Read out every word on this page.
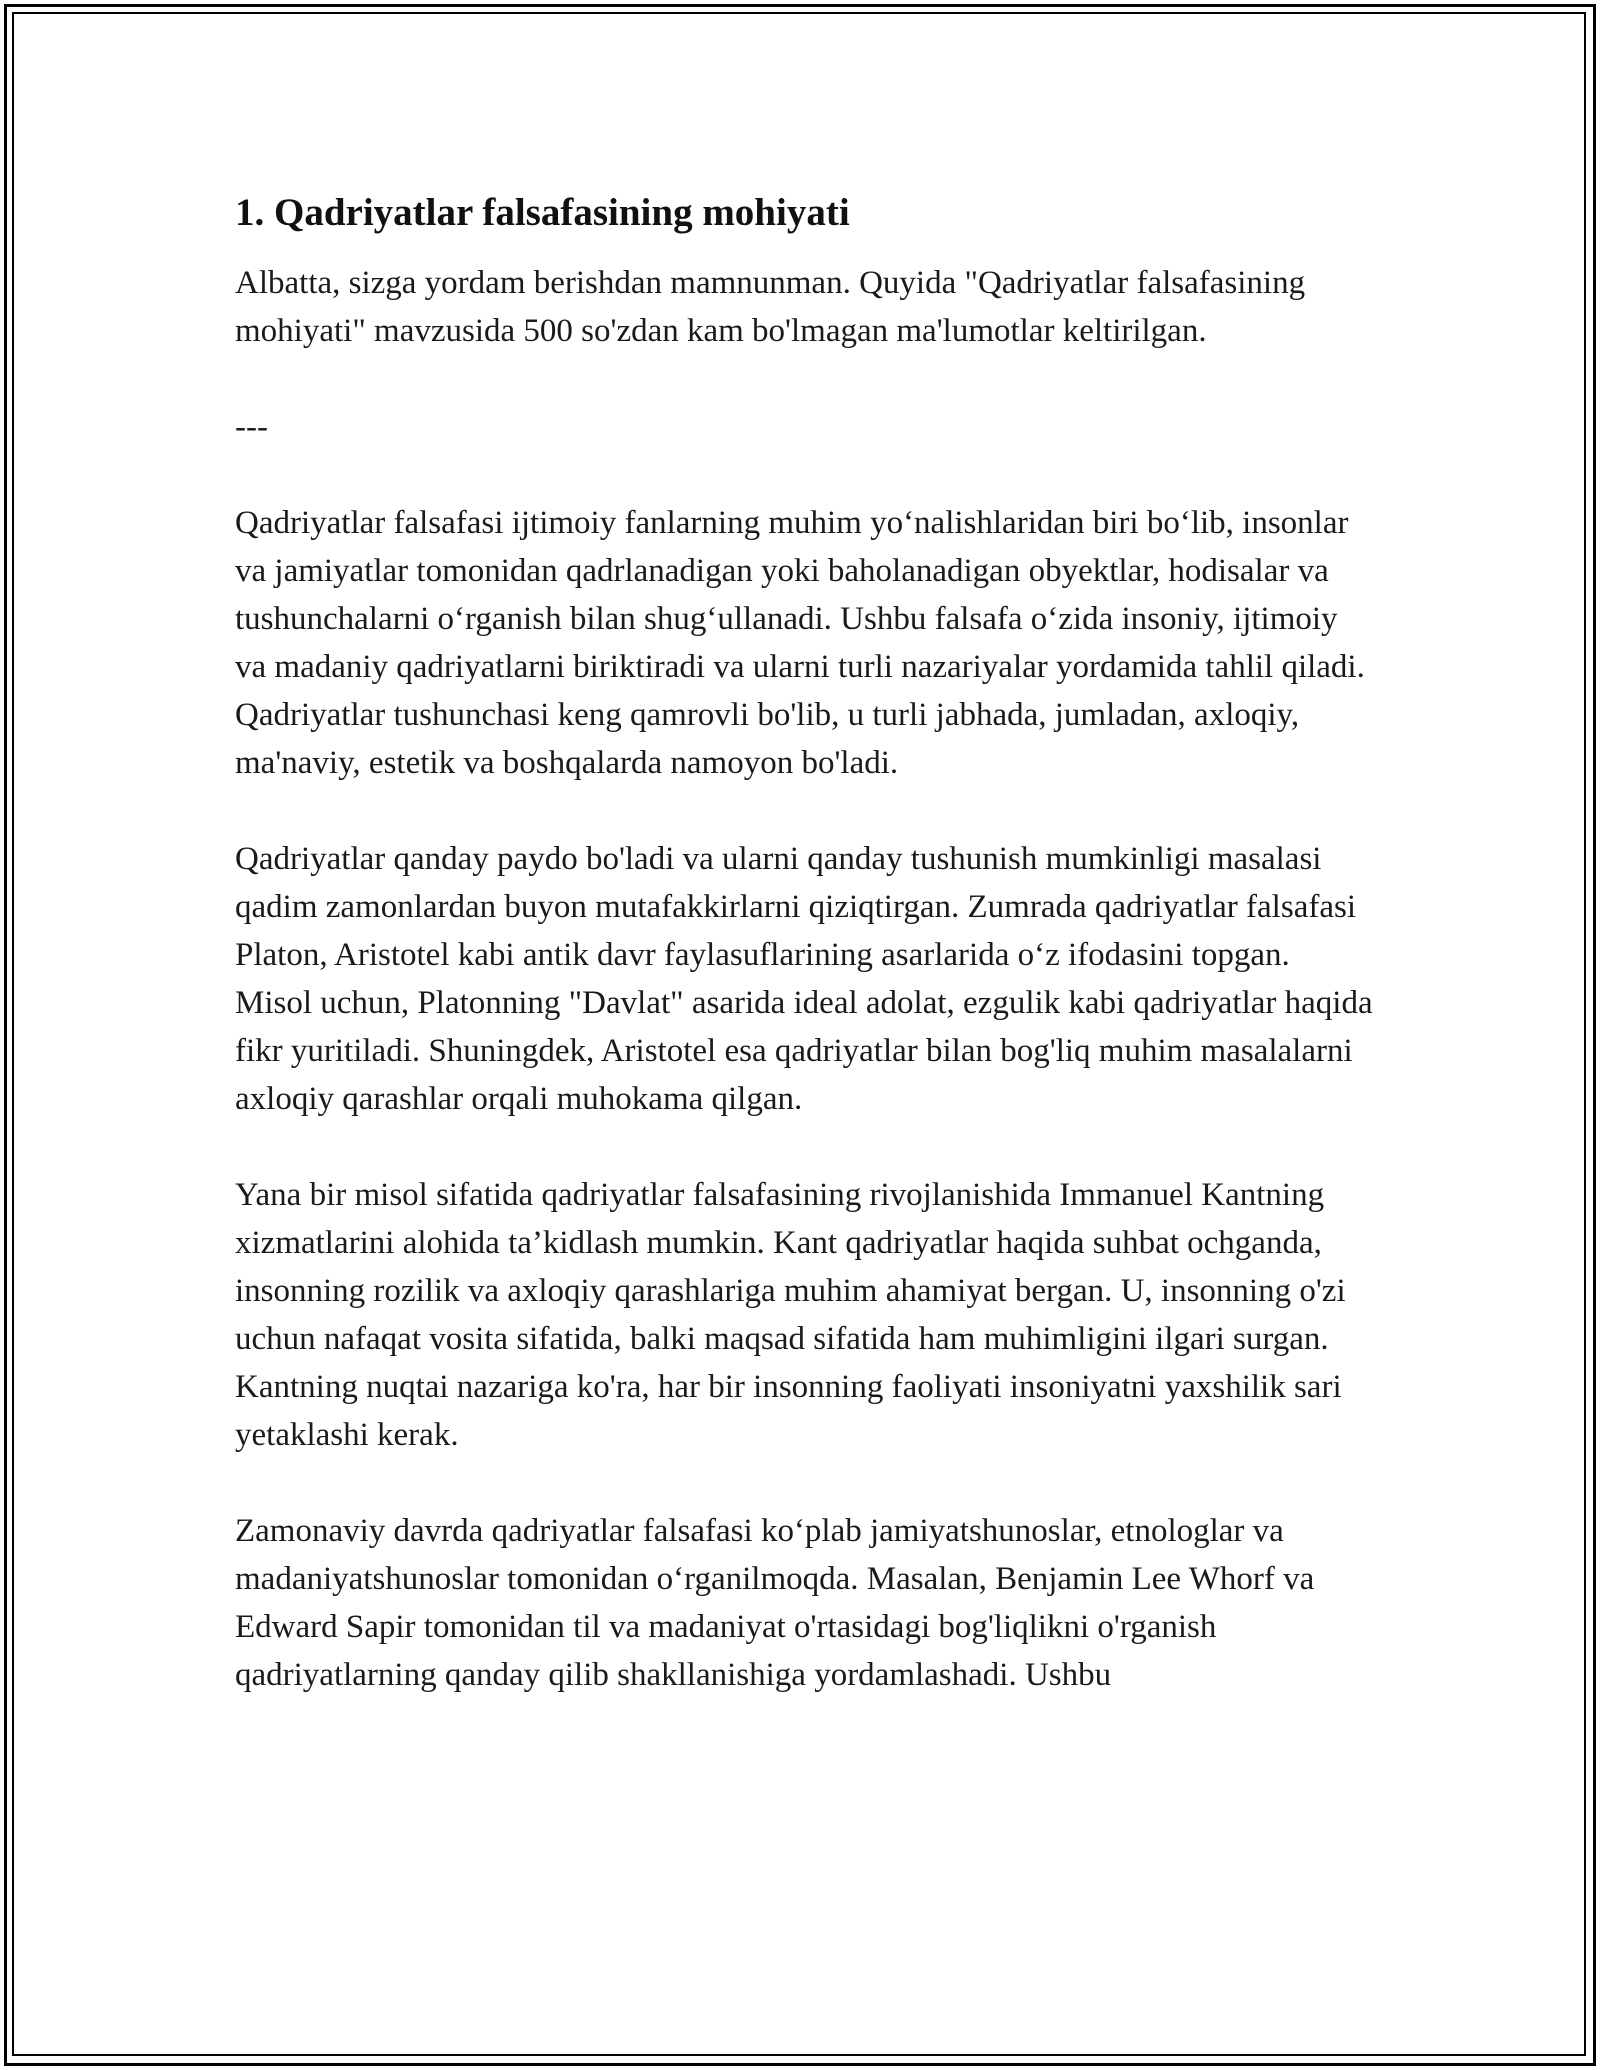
1. Qadriyatlar falsafasining mohiyati

Albatta, sizga yordam berishdan mamnunman. Quyida "Qadriyatlar falsafasining mohiyati" mavzusida 500 so'zdan kam bo'lmagan ma'lumotlar keltirilgan.

---

Qadriyatlar falsafasi ijtimoiy fanlarning muhim yo‘nalishlaridan biri bo‘lib, insonlar va jamiyatlar tomonidan qadrlanadigan yoki baholanadigan obyektlar, hodisalar va tushunchalarni o‘rganish bilan shug‘ullanadi. Ushbu falsafa o‘zida insoniy, ijtimoiy va madaniy qadriyatlarni biriktiradi va ularni turli nazariyalar yordamida tahlil qiladi. Qadriyatlar tushunchasi keng qamrovli bo'lib, u turli jabhada, jumladan, axloqiy, ma'naviy, estetik va boshqalarda namoyon bo'ladi.

Qadriyatlar qanday paydo bo'ladi va ularni qanday tushunish mumkinligi masalasi qadim zamonlardan buyon mutafakkirlarni qiziqtirgan. Zumrada qadriyatlar falsafasi Platon, Aristotel kabi antik davr faylasuflarining asarlarida o‘z ifodasini topgan. Misol uchun, Platonning "Davlat" asarida ideal adolat, ezgulik kabi qadriyatlar haqida fikr yuritiladi. Shuningdek, Aristotel esa qadriyatlar bilan bog'liq muhim masalalarni axloqiy qarashlar orqali muhokama qilgan.

Yana bir misol sifatida qadriyatlar falsafasining rivojlanishida Immanuel Kantning xizmatlarini alohida ta’kidlash mumkin. Kant qadriyatlar haqida suhbat ochganda, insonning rozilik va axloqiy qarashlariga muhim ahamiyat bergan. U, insonning o'zi uchun nafaqat vosita sifatida, balki maqsad sifatida ham muhimligini ilgari surgan. Kantning nuqtai nazariga ko'ra, har bir insonning faoliyati insoniyatni yaxshilik sari yetaklashi kerak.

Zamonaviy davrda qadriyatlar falsafasi ko‘plab jamiyatshunoslar, etnologlar va madaniyatshunoslar tomonidan o‘rganilmoqda. Masalan, Benjamin Lee Whorf va Edward Sapir tomonidan til va madaniyat o'rtasidagi bog'liqlikni o'rganish qadriyatlarning qanday qilib shakllanishiga yordamlashadi. Ushbu
